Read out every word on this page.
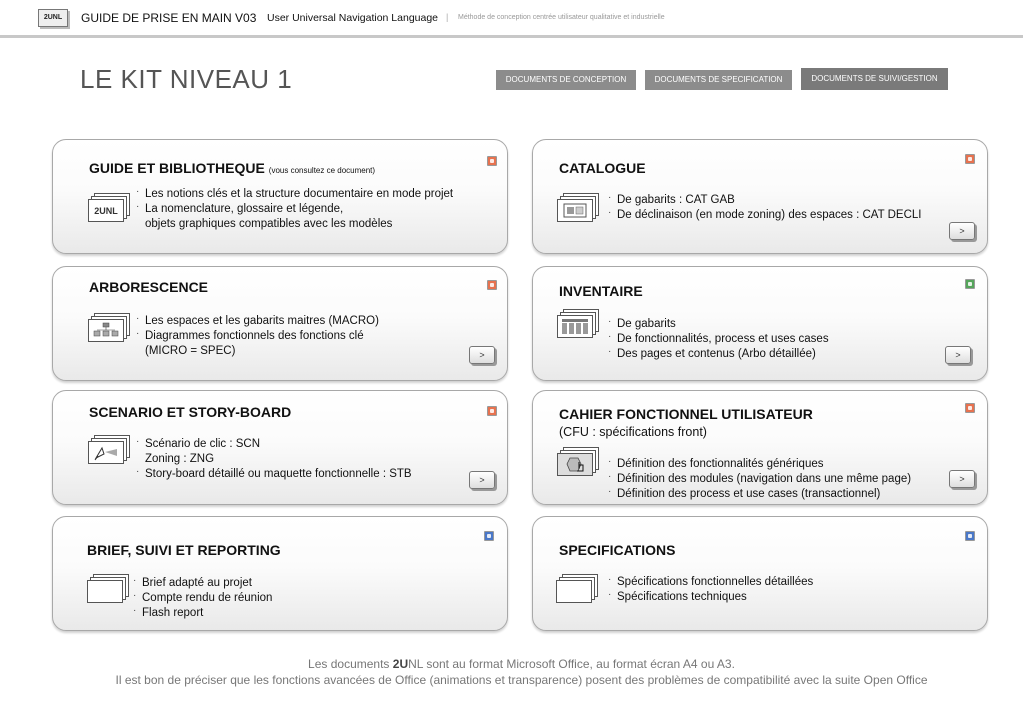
2UNL	GUIDE DE PRISE EN MAIN V03 User Universal Navigation Language | Méthode de conception centrée utilisateur qualitative et industrielle
LE KIT NIVEAU 1	DOCUMENTS DE CONCEPTION	DOCUMENTS DE SPECIFICATION	DOCUMENTS DE SUIVI/GESTION
GUIDE ET BIBLIOTHEQUE (vous consultez ce document)
2UNL
· Les notions clés et la structure documentaire en mode projet
· La nomenclature, glossaire et légende,
objets graphiques compatibles avec les modèles
CATALOGUE
· De gabarits : CAT GAB
· De déclinaison (en mode zoning) des espaces : CAT DECLI
>
ARBORESCENCE
· Les espaces et les gabarits maitres (MACRO)
· Diagrammes fonctionnels des fonctions clé
(MICRO = SPEC)	>
INVENTAIRE
· De gabarits
· De fonctionnalités, process et uses cases
· Des pages et contenus (Arbo détaillée)	>
SCENARIO ET STORY-BOARD
· Scénario de clic : SCN
Zoning : ZNG
· Story-board détaillé ou maquette fonctionnelle : STB	>
CAHIER FONCTIONNEL UTILISATEUR
(CFU : spécifications front)
· Définition des fonctionnalités génériques
· Définition des modules (navigation dans une même page)
· Définition des process et use cases (transactionnel)
>
BRIEF, SUIVI ET REPORTING
· Brief adapté au projet
· Compte rendu de réunion
· Flash report
SPECIFICATIONS
· Spécifications fonctionnelles détaillées
· Spécifications techniques
Les documents 2UNL sont au format Microsoft Office, au format écran A4 ou A3.
Il est bon de préciser que les fonctions avancées de Office (animations et transparence) posent des problèmes de compatibilité avec la suite Open Office
